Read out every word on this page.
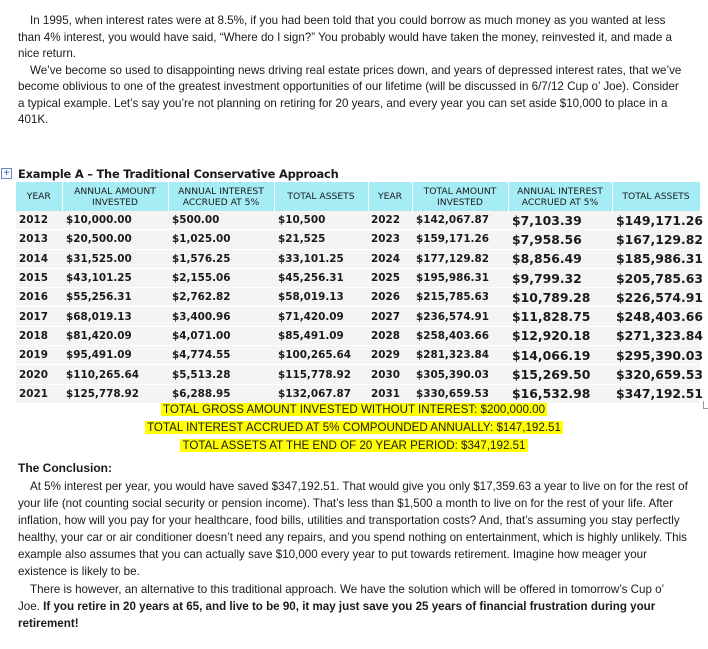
In 1995, when interest rates were at 8.5%, if you had been told that you could borrow as much money as you wanted at less than 4% interest, you would have said, “Where do I sign?” You probably would have taken the money, reinvested it, and made a nice return.
We’ve become so used to disappointing news driving real estate prices down, and years of depressed interest rates, that we’ve become oblivious to one of the greatest investment opportunities of our lifetime (will be discussed in 6/7/12 Cup o’ Joe). Consider a typical example. Let’s say you’re not planning on retiring for 20 years, and every year you can set aside $10,000 to place in a 401K.
+ Example A – The Traditional Conservative Approach
YEAR	ANNUAL AMOUNT INVESTED	ANNUAL INTEREST ACCRUED AT 5%	TOTAL ASSETS	YEAR	TOTAL AMOUNT INVESTED	ANNUAL INTEREST ACCRUED AT 5%	TOTAL ASSETS
2012	$10,000.00	$500.00	$10,500	2022	$142,067.87	$7,103.39	$149,171.26
2013	$20,500.00	$1,025.00	$21,525	2023	$159,171.26	$7,958.56	$167,129.82
2014	$31,525.00	$1,576.25	$33,101.25	2024	$177,129.82	$8,856.49	$185,986.31
2015	$43,101.25	$2,155.06	$45,256.31	2025	$195,986.31	$9,799.32	$205,785.63
2016	$55,256.31	$2,762.82	$58,019.13	2026	$215,785.63	$10,789.28	$226,574.91
2017	$68,019.13	$3,400.96	$71,420.09	2027	$236,574.91	$11,828.75	$248,403.66
2018	$81,420.09	$4,071.00	$85,491.09	2028	$258,403.66	$12,920.18	$271,323.84
2019	$95,491.09	$4,774.55	$100,265.64	2029	$281,323.84	$14,066.19	$295,390.03
2020	$110,265.64	$5,513.28	$115,778.92	2030	$305,390.03	$15,269.50	$320,659.53
2021	$125,778.92	$6,288.95	$132,067.87	2031	$330,659.53	$16,532.98	$347,192.51
TOTAL GROSS AMOUNT INVESTED WITHOUT INTEREST: $200,000.00
TOTAL INTEREST ACCRUED AT 5% COMPOUNDED ANNUALLY: $147,192.51
TOTAL ASSETS AT THE END OF 20 YEAR PERIOD: $347,192.51
The Conclusion:
At 5% interest per year, you would have saved $347,192.51. That would give you only $17,359.63 a year to live on for the rest of your life (not counting social security or pension income). That’s less than $1,500 a month to live on for the rest of your life. After inflation, how will you pay for your healthcare, food bills, utilities and transportation costs? And, that’s assuming you stay perfectly healthy, your car or air conditioner doesn’t need any repairs, and you spend nothing on entertainment, which is highly unlikely. This example also assumes that you can actually save $10,000 every year to put towards retirement. Imagine how meager your existence is likely to be.
There is however, an alternative to this traditional approach. We have the solution which will be offered in tomorrow’s Cup o’ Joe. If you retire in 20 years at 65, and live to be 90, it may just save you 25 years of financial frustration during your retirement!
